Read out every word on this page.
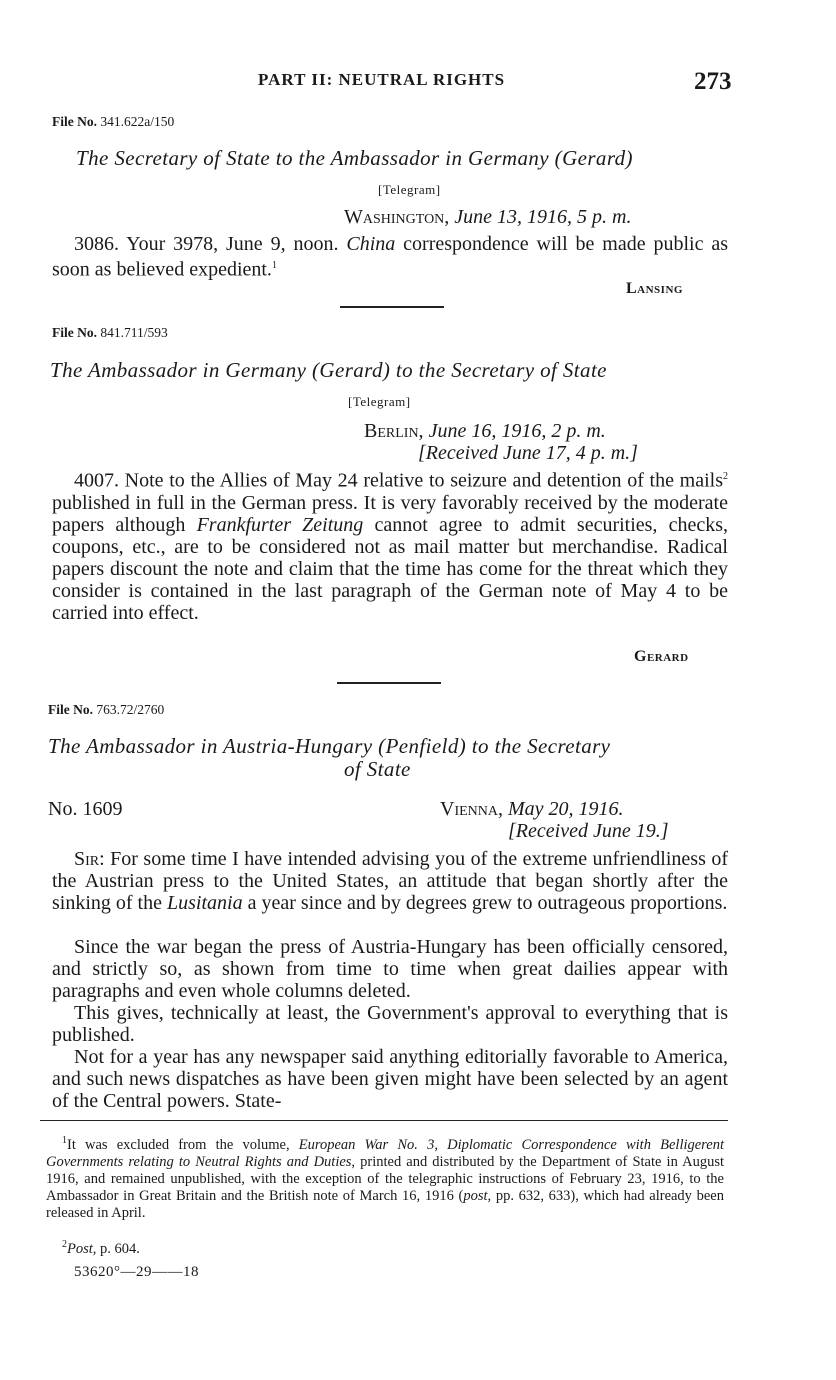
PART II: NEUTRAL RIGHTS	273
File No. 341.622a/150
The Secretary of State to the Ambassador in Germany (Gerard)
[Telegram]
Washington, June 13, 1916, 5 p. m.
3086. Your 3978, June 9, noon. China correspondence will be made public as soon as believed expedient.$^1$
Lansing
File No. 841.711/593
The Ambassador in Germany (Gerard) to the Secretary of State
[Telegram]
Berlin, June 16, 1916, 2 p. m.
[Received June 17, 4 p. m.]
4007. Note to the Allies of May 24 relative to seizure and detention of the mails$^2$ published in full in the German press. It is very favorably received by the moderate papers although Frankfurter Zeitung cannot agree to admit securities, checks, coupons, etc., are to be considered not as mail matter but merchandise. Radical papers discount the note and claim that the time has come for the threat which they consider is contained in the last paragraph of the German note of May 4 to be carried into effect.
Gerard
File No. 763.72/2760
The Ambassador in Austria-Hungary (Penfield) to the Secretary
of State
No. 1609	Vienna, May 20, 1916.
[Received June 19.]
Sir: For some time I have intended advising you of the extreme unfriendliness of the Austrian press to the United States, an attitude that began shortly after the sinking of the Lusitania a year since and by degrees grew to outrageous proportions.
Since the war began the press of Austria-Hungary has been officially censored, and strictly so, as shown from time to time when great dailies appear with paragraphs and even whole columns deleted.
This gives, technically at least, the Government's approval to everything that is published.
Not for a year has any newspaper said anything editorially favorable to America, and such news dispatches as have been given might have been selected by an agent of the Central powers. State-
$^1$It was excluded from the volume, European War No. 3, Diplomatic Correspondence with Belligerent Governments relating to Neutral Rights and Duties, printed and distributed by the Department of State in August 1916, and remained unpublished, with the exception of the telegraphic instructions of February 23, 1916, to the Ambassador in Great Britain and the British note of March 16, 1916 (post, pp. 632, 633), which had already been released in April.
$^2$Post, p. 604.
53620°—29——18
